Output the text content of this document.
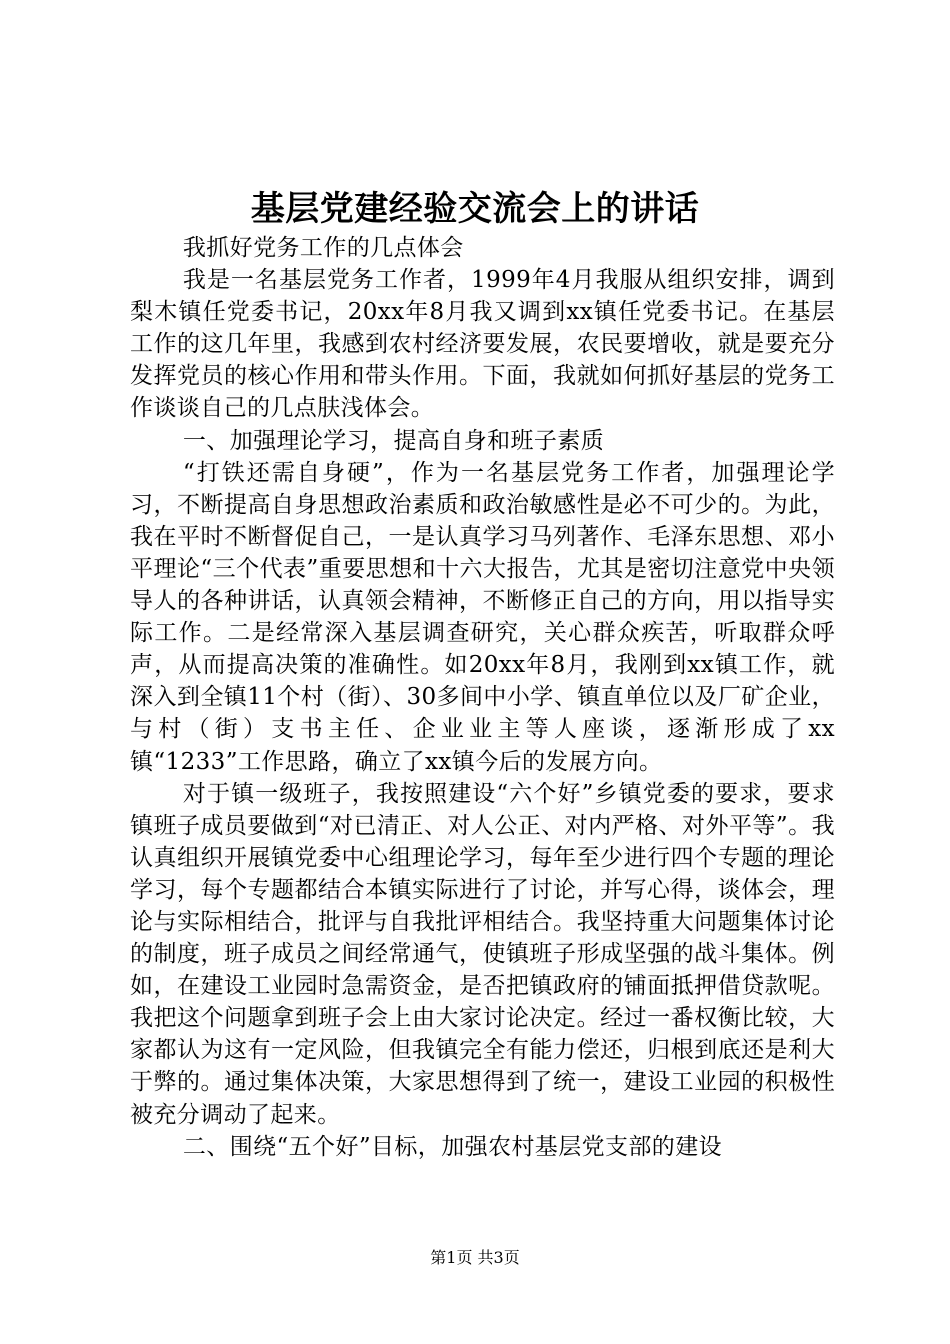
基层党建经验交流会上的讲话

我抓好党务工作的几点体会

我是一名基层党务工作者，1999年4月我服从组织安排，调到梨木镇任党委书记，20xx年8月我又调到xx镇任党委书记。在基层工作的这几年里，我感到农村经济要发展，农民要增收，就是要充分发挥党员的核心作用和带头作用。下面，我就如何抓好基层的党务工作谈谈自己的几点肤浅体会。

一、加强理论学习，提高自身和班子素质

“打铁还需自身硬”，作为一名基层党务工作者，加强理论学习，不断提高自身思想政治素质和政治敏感性是必不可少的。为此，我在平时不断督促自己，一是认真学习马列著作、毛泽东思想、邓小平理论“三个代表”重要思想和十六大报告，尤其是密切注意党中央领导人的各种讲话，认真领会精神，不断修正自己的方向，用以指导实际工作。二是经常深入基层调查研究，关心群众疾苦，听取群众呼声，从而提高决策的准确性。如20xx年8月，我刚到xx镇工作，就深入到全镇11个村（街）、30多间中小学、镇直单位以及厂矿企业，与村（街）支书主任、企业业主等人座谈，逐渐形成了xx镇“1233”工作思路，确立了xx镇今后的发展方向。

对于镇一级班子，我按照建设“六个好”乡镇党委的要求，要求镇班子成员要做到“对已清正、对人公正、对内严格、对外平等”。我认真组织开展镇党委中心组理论学习，每年至少进行四个专题的理论学习，每个专题都结合本镇实际进行了讨论，并写心得，谈体会，理论与实际相结合，批评与自我批评相结合。我坚持重大问题集体讨论的制度，班子成员之间经常通气，使镇班子形成坚强的战斗集体。例如，在建设工业园时急需资金，是否把镇政府的铺面抵押借贷款呢。我把这个问题拿到班子会上由大家讨论决定。经过一番权衡比较，大家都认为这有一定风险，但我镇完全有能力偿还，归根到底还是利大于弊的。通过集体决策，大家思想得到了统一，建设工业园的积极性被充分调动了起来。

二、围绕“五个好”目标，加强农村基层党支部的建设

第1页 共3页
